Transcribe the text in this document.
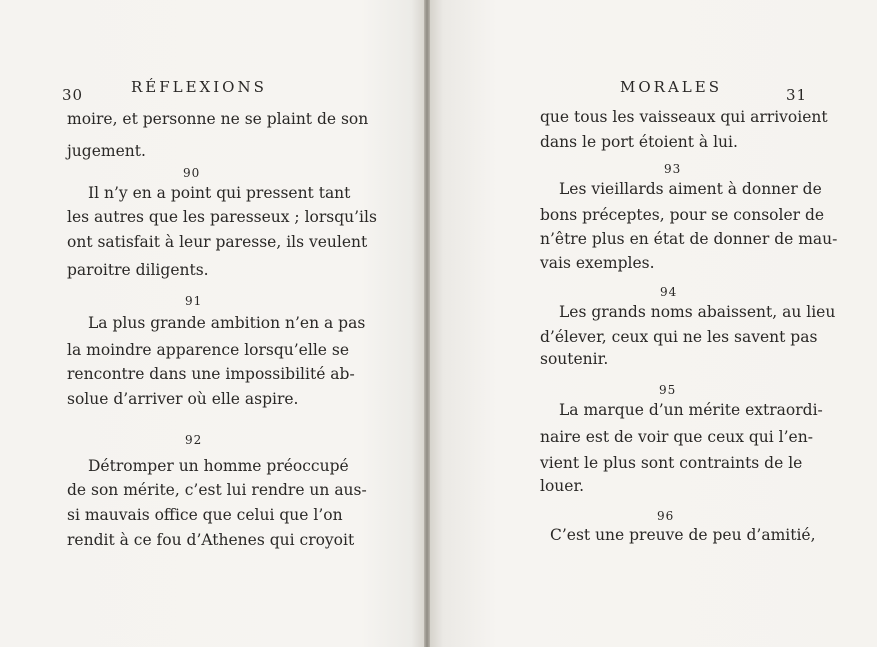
30	RÉFLEXIONS
moire, et personne ne se plaint de son
jugement.
90
Il n’y en a point qui pressent tant
les autres que les paresseux ; lorsqu’ils
ont satisfait à leur paresse, ils veulent
paroitre diligents.
91
La plus grande ambition n’en a pas
la moindre apparence lorsqu’elle se
rencontre dans une impossibilité ab-
solue d’arriver où elle aspire.
92
Détromper un homme préoccupé
de son mérite, c’est lui rendre un aus-
si mauvais office que celui que l’on
rendit à ce fou d’Athenes qui croyoit
MORALES	31
que tous les vaisseaux qui arrivoient
dans le port étoient à lui.
93
Les vieillards aiment à donner de
bons préceptes, pour se consoler de
n’être plus en état de donner de mau-
vais exemples.
94
Les grands noms abaissent, au lieu
d’élever, ceux qui ne les savent pas
soutenir.
95
La marque d’un mérite extraordi-
naire est de voir que ceux qui l’en-
vient le plus sont contraints de le
louer.
96
C’est une preuve de peu d’amitié,
